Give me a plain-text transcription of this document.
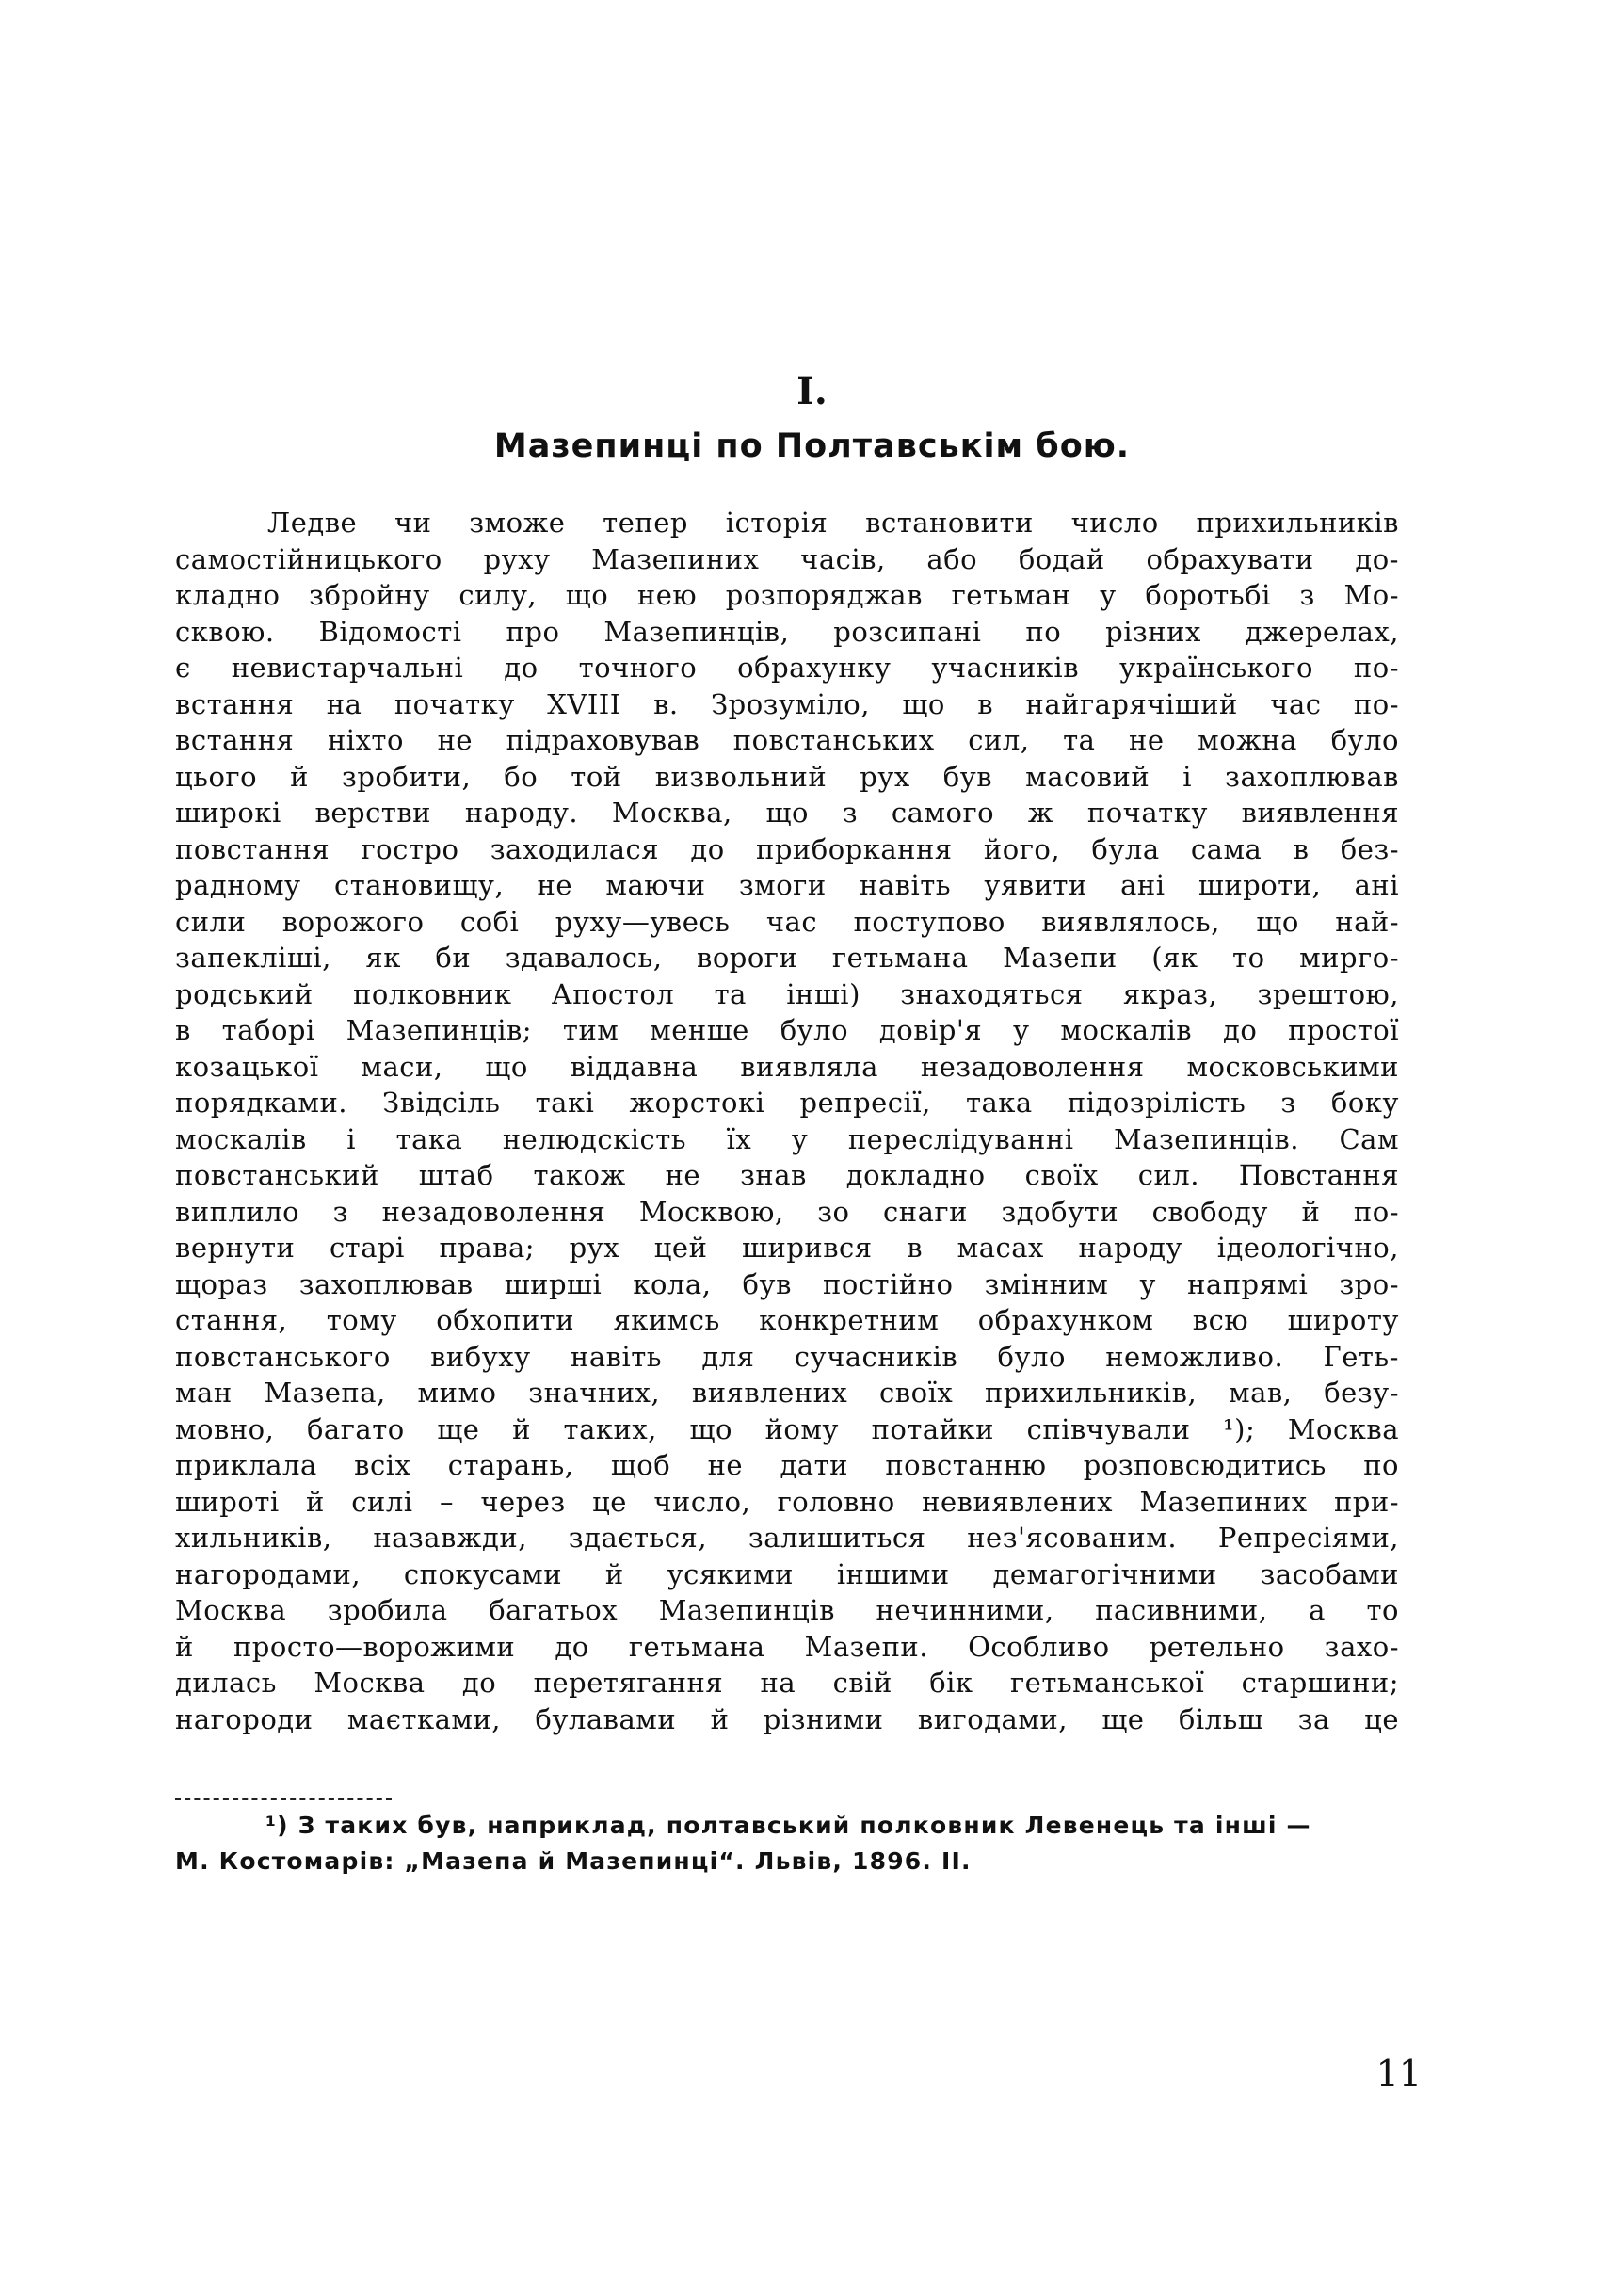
I.
Мазепинці по Полтавськім бою.
Ледве чи зможе тепер історія встановити число прихильників
самостійницького руху Мазепиних часів, або бодай обрахувати до-
кладно збройну силу, що нею розпоряджав гетьман у боротьбі з Мо-
сквою. Відомості про Мазепинців, розсипані по різних джерелах,
є невистарчальні до точного обрахунку учасників українського по-
встання на початку XVIII в. Зрозуміло, що в найгарячіший час по-
встання ніхто не підраховував повстанських сил, та не можна було
цього й зробити, бо той визвольний рух був масовий і захоплював
широкі верстви народу. Москва, що з самого ж початку виявлення
повстання гостро заходилася до приборкання його, була сама в без-
радному становищу, не маючи змоги навіть уявити ані широти, ані
сили ворожого собі руху—увесь час поступово виявлялось, що най-
запекліші, як би здавалось, вороги гетьмана Мазепи (як то мирго-
родський полковник Апостол та інші) знаходяться якраз, зрештою,
в таборі Мазепинців; тим менше було довір'я у москалів до простої
козацької маси, що віддавна виявляла незадоволення московськими
порядками. Звідсіль такі жорстокі репресії, така підозрілість з боку
москалів і така нелюдскість їх у переслідуванні Мазепинців. Сам
повстанський штаб також не знав докладно своїх сил. Повстання
виплило з незадоволення Москвою, зо снаги здобути свободу й по-
вернути старі права; рух цей ширився в масах народу ідеологічно,
щораз захоплював ширші кола, був постійно змінним у напрямі зро-
стання, тому обхопити якимсь конкретним обрахунком всю широту
повстанського вибуху навіть для сучасників було неможливо. Геть-
ман Мазепа, мимо значних, виявлених своїх прихильників, мав, безу-
мовно, багато ще й таких, що йому потайки співчували ¹); Москва
приклала всіх старань, щоб не дати повстанню розповсюдитись по
широті й силі – через це число, головно невиявлених Мазепиних при-
хильників, назавжди, здається, залишиться нез'ясованим. Репресіями,
нагородами, спокусами й усякими іншими демагогічними засобами
Москва зробила багатьох Мазепинців нечинними, пасивними, а то
й просто—ворожими до гетьмана Мазепи. Особливо ретельно захо-
дилась Москва до перетягання на свій бік гетьманської старшини;
нагороди маєтками, булавами й різними вигодами, ще більш за це
¹) З таких був, наприклад, полтавський полковник Левенець та інші —
М. Костомарів: „Мазепа й Мазепинці“. Львів, 1896. II.
11
